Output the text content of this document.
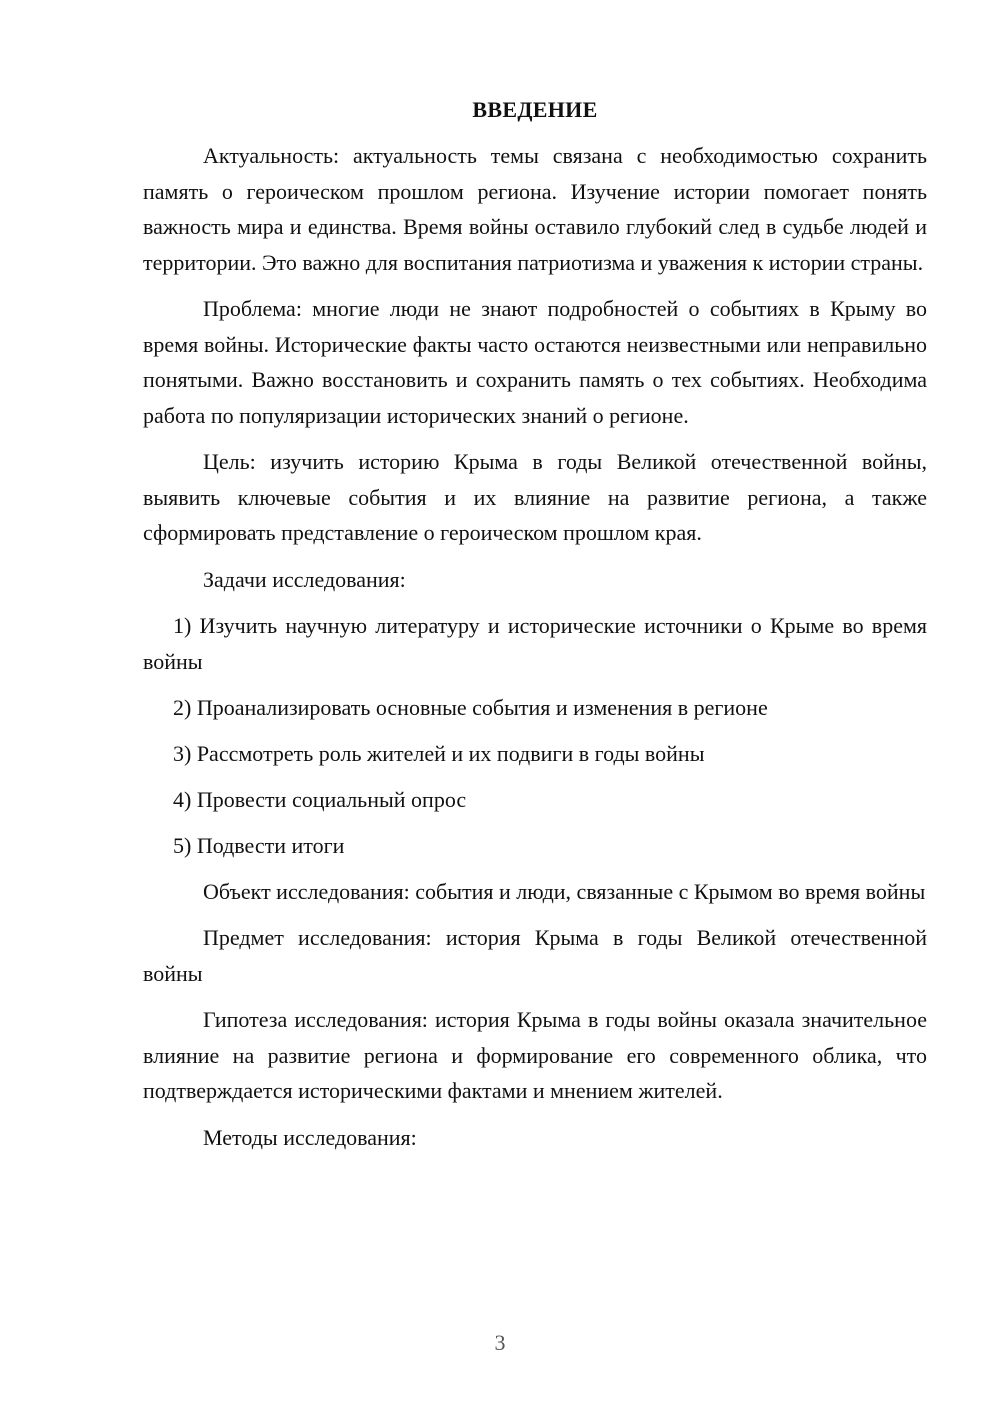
ВВЕДЕНИЕ

Актуальность: актуальность темы связана с необходимостью сохранить память о героическом прошлом региона. Изучение истории помогает понять важность мира и единства. Время войны оставило глубокий след в судьбе людей и территории. Это важно для воспитания патриотизма и уважения к истории страны.

Проблема: многие люди не знают подробностей о событиях в Крыму во время войны. Исторические факты часто остаются неизвестными или неправильно понятыми. Важно восстановить и сохранить память о тех событиях. Необходима работа по популяризации исторических знаний о регионе.

Цель: изучить историю Крыма в годы Великой отечественной войны, выявить ключевые события и их влияние на развитие региона, а также сформировать представление о героическом прошлом края.

Задачи исследования:

1) Изучить научную литературу и исторические источники о Крыме во время войны

2) Проанализировать основные события и изменения в регионе

3) Рассмотреть роль жителей и их подвиги в годы войны

4) Провести социальный опрос

5) Подвести итоги

Объект исследования: события и люди, связанные с Крымом во время войны

Предмет исследования: история Крыма в годы Великой отечественной войны

Гипотеза исследования: история Крыма в годы войны оказала значительное влияние на развитие региона и формирование его современного облика, что подтверждается историческими фактами и мнением жителей.

Методы исследования:

3
